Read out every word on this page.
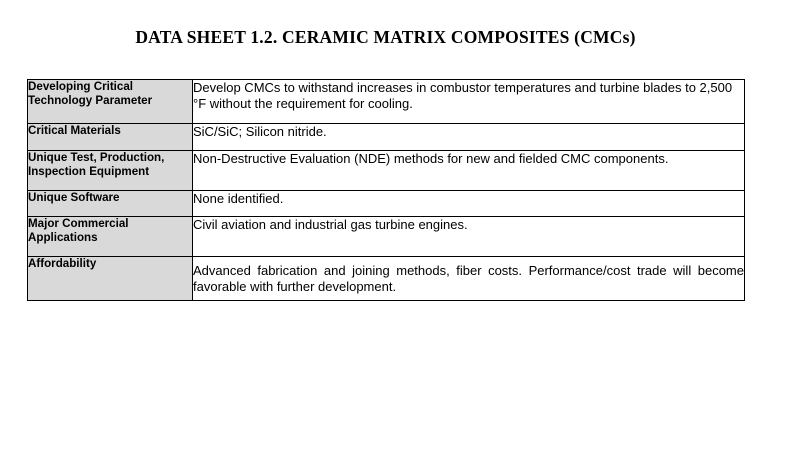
DATA SHEET 1.2. CERAMIC MATRIX COMPOSITES (CMCs)
Developing Critical Technology Parameter	Develop CMCs to withstand increases in combustor temperatures and turbine blades to 2,500 °F without the requirement for cooling.
Critical Materials	SiC/SiC; Silicon nitride.
Unique Test, Production, Inspection Equipment	Non-Destructive Evaluation (NDE) methods for new and fielded CMC components.
Unique Software	None identified.
Major Commercial Applications	Civil aviation and industrial gas turbine engines.
Affordability	Advanced fabrication and joining methods, fiber costs. Performance/cost trade will become favorable with further development.
